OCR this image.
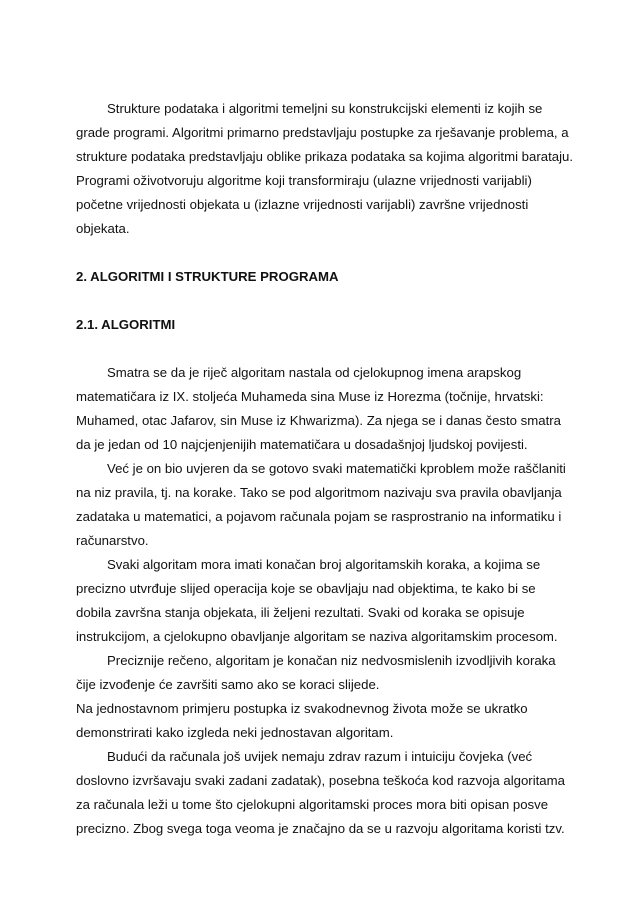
Strukture podataka i algoritmi temeljni su konstrukcijski elementi iz kojih se
grade programi. Algoritmi primarno predstavljaju postupke za rješavanje problema, a
strukture podataka predstavljaju oblike prikaza podataka sa kojima algoritmi barataju.
Programi oživotvoruju algoritme koji transformiraju (ulazne vrijednosti varijabli)
početne vrijednosti objekata u (izlazne vrijednosti varijabli) završne vrijednosti
objekata.

2. ALGORITMI I STRUKTURE PROGRAMA

2.1. ALGORITMI

Smatra se da je riječ algoritam nastala od cjelokupnog imena arapskog
matematičara iz IX. stoljeća Muhameda sina Muse iz Horezma (točnije, hrvatski:
Muhamed, otac Jafarov, sin Muse iz Khwarizma). Za njega se i danas često smatra
da je jedan od 10 najcjenjenijih matematičara u dosadašnjoj ljudskoj povijesti.

Već je on bio uvjeren da se gotovo svaki matematički kproblem može raščlaniti
na niz pravila, tj. na korake. Tako se pod algoritmom nazivaju sva pravila obavljanja
zadataka u matematici, a pojavom računala pojam se rasprostranio na informatiku i
računarstvo.

Svaki algoritam mora imati konačan broj algoritamskih koraka, a kojima se
precizno utvrđuje slijed operacija koje se obavljaju nad objektima, te kako bi se
dobila završna stanja objekata, ili željeni rezultati. Svaki od koraka se opisuje
instrukcijom, a cjelokupno obavljanje algoritam se naziva algoritamskim procesom.

Preciznije rečeno, algoritam je konačan niz nedvosmislenih izvodljivih koraka
čije izvođenje će završiti samo ako se koraci slijede.

Na jednostavnom primjeru postupka iz svakodnevnog života može se ukratko
demonstrirati kako izgleda neki jednostavan algoritam.

Budući da računala još uvijek nemaju zdrav razum i intuiciju čovjeka (već
doslovno izvršavaju svaki zadani zadatak), posebna teškoća kod razvoja algoritama
za računala leži u tome što cjelokupni algoritamski proces mora biti opisan posve
precizno. Zbog svega toga veoma je značajno da se u razvoju algoritama koristi tzv.
